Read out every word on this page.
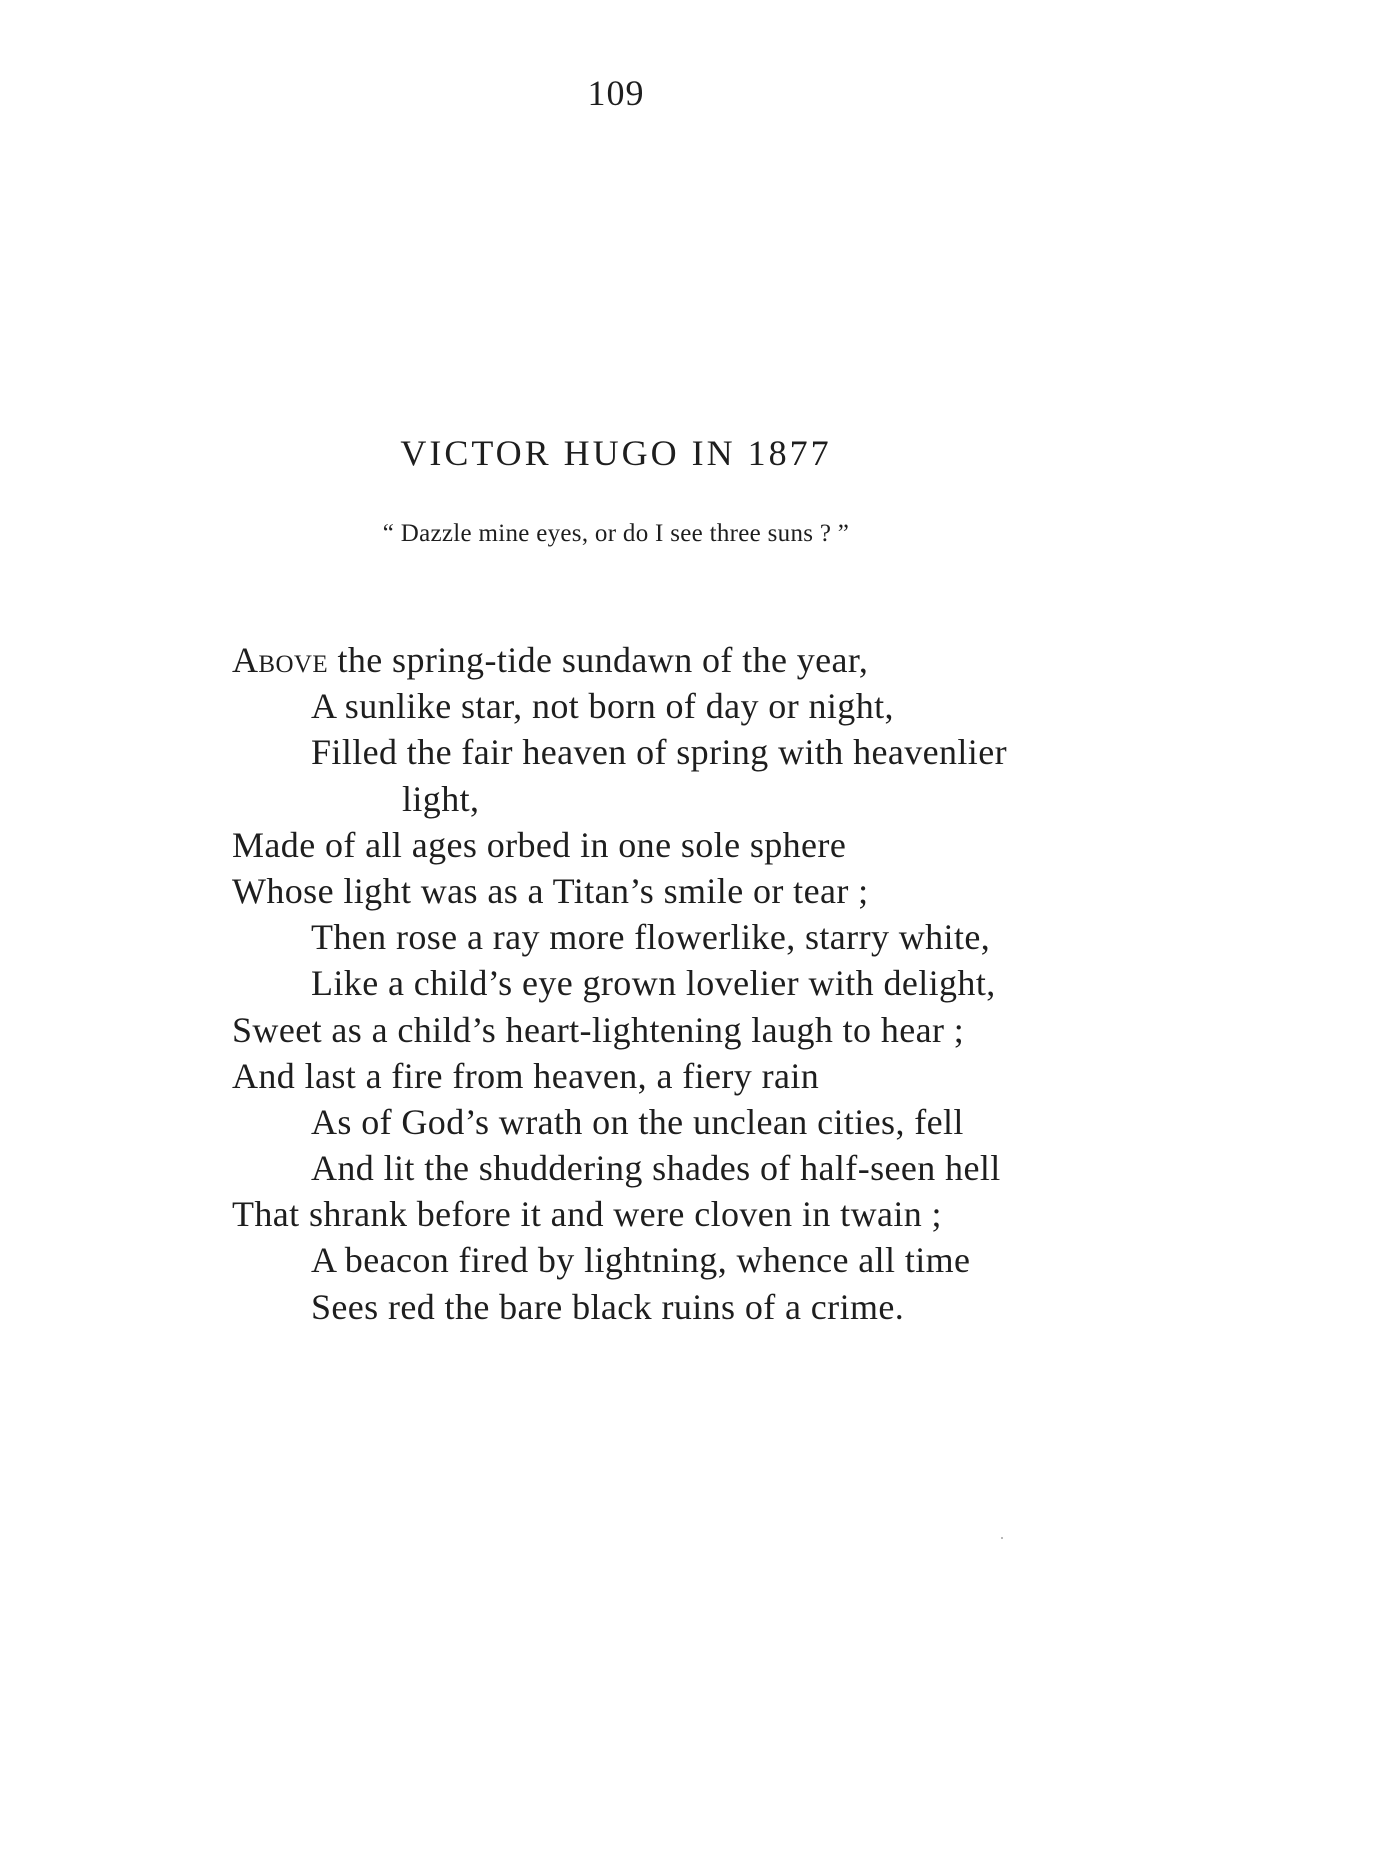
109
VICTOR HUGO IN 1877
“ Dazzle mine eyes, or do I see three suns ? ”
Above the spring-tide sundawn of the year,
A sunlike star, not born of day or night,
Filled the fair heaven of spring with heavenlier
light,
Made of all ages orbed in one sole sphere
Whose light was as a Titan’s smile or tear ;
Then rose a ray more flowerlike, starry white,
Like a child’s eye grown lovelier with delight,
Sweet as a child’s heart-lightening laugh to hear ;
And last a fire from heaven, a fiery rain
As of God’s wrath on the unclean cities, fell
And lit the shuddering shades of half-seen hell
That shrank before it and were cloven in twain ;
A beacon fired by lightning, whence all time
Sees red the bare black ruins of a crime.
